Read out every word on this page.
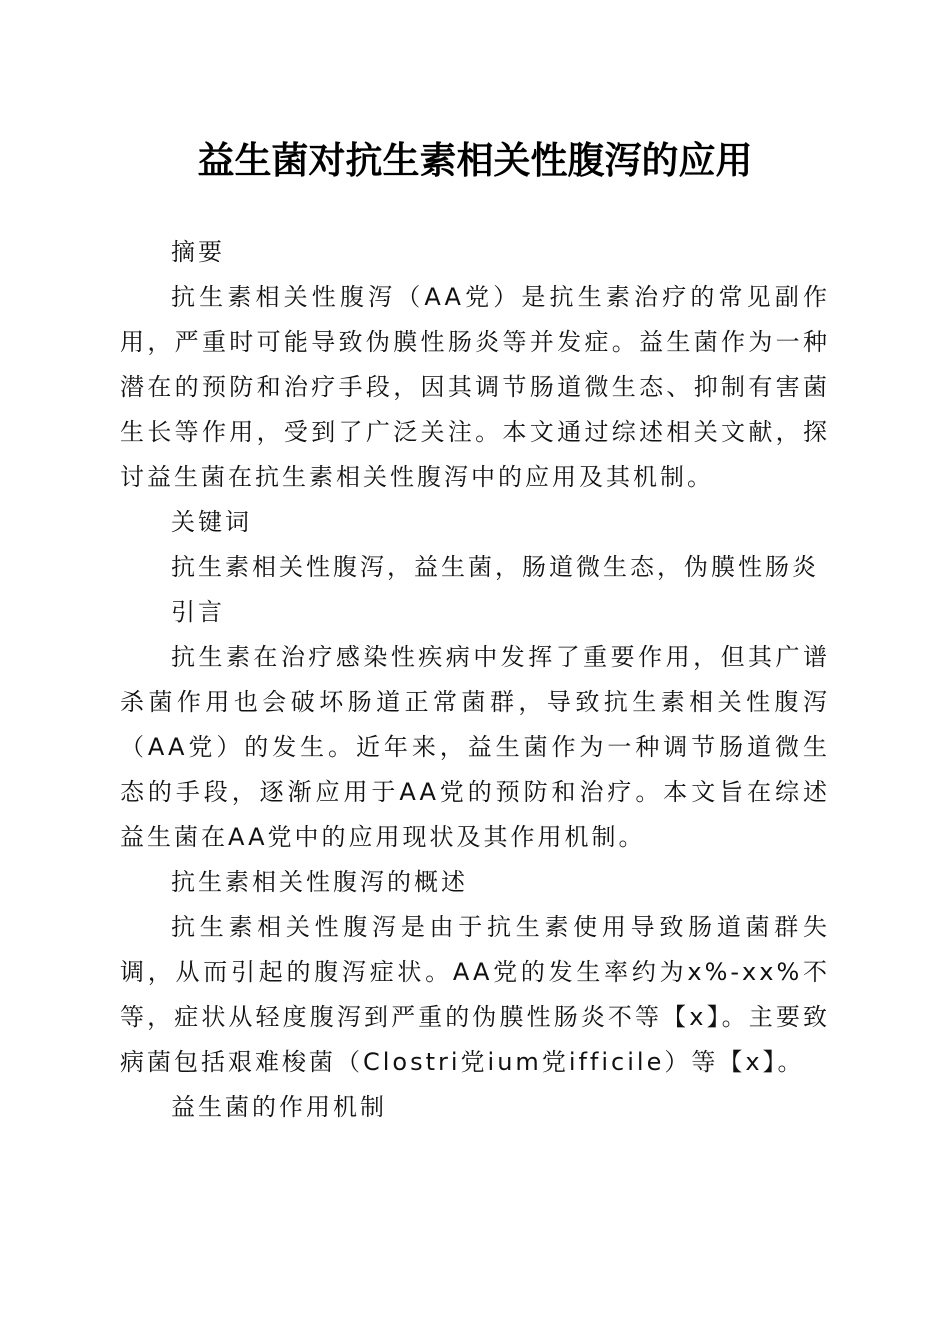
益生菌对抗生素相关性腹泻的应用

摘要

抗生素相关性腹泻（AA党）是抗生素治疗的常见副作用，严重时可能导致伪膜性肠炎等并发症。益生菌作为一种潜在的预防和治疗手段，因其调节肠道微生态、抑制有害菌生长等作用，受到了广泛关注。本文通过综述相关文献，探讨益生菌在抗生素相关性腹泻中的应用及其机制。

关键词

抗生素相关性腹泻，益生菌，肠道微生态，伪膜性肠炎

引言

抗生素在治疗感染性疾病中发挥了重要作用，但其广谱杀菌作用也会破坏肠道正常菌群，导致抗生素相关性腹泻（AA党）的发生。近年来，益生菌作为一种调节肠道微生态的手段，逐渐应用于AA党的预防和治疗。本文旨在综述益生菌在AA党中的应用现状及其作用机制。

抗生素相关性腹泻的概述

抗生素相关性腹泻是由于抗生素使用导致肠道菌群失调，从而引起的腹泻症状。AA党的发生率约为x%-xx%不等，症状从轻度腹泻到严重的伪膜性肠炎不等【x】。主要致病菌包括艰难梭菌（Clostri党ium党ifficile）等【x】。

益生菌的作用机制
